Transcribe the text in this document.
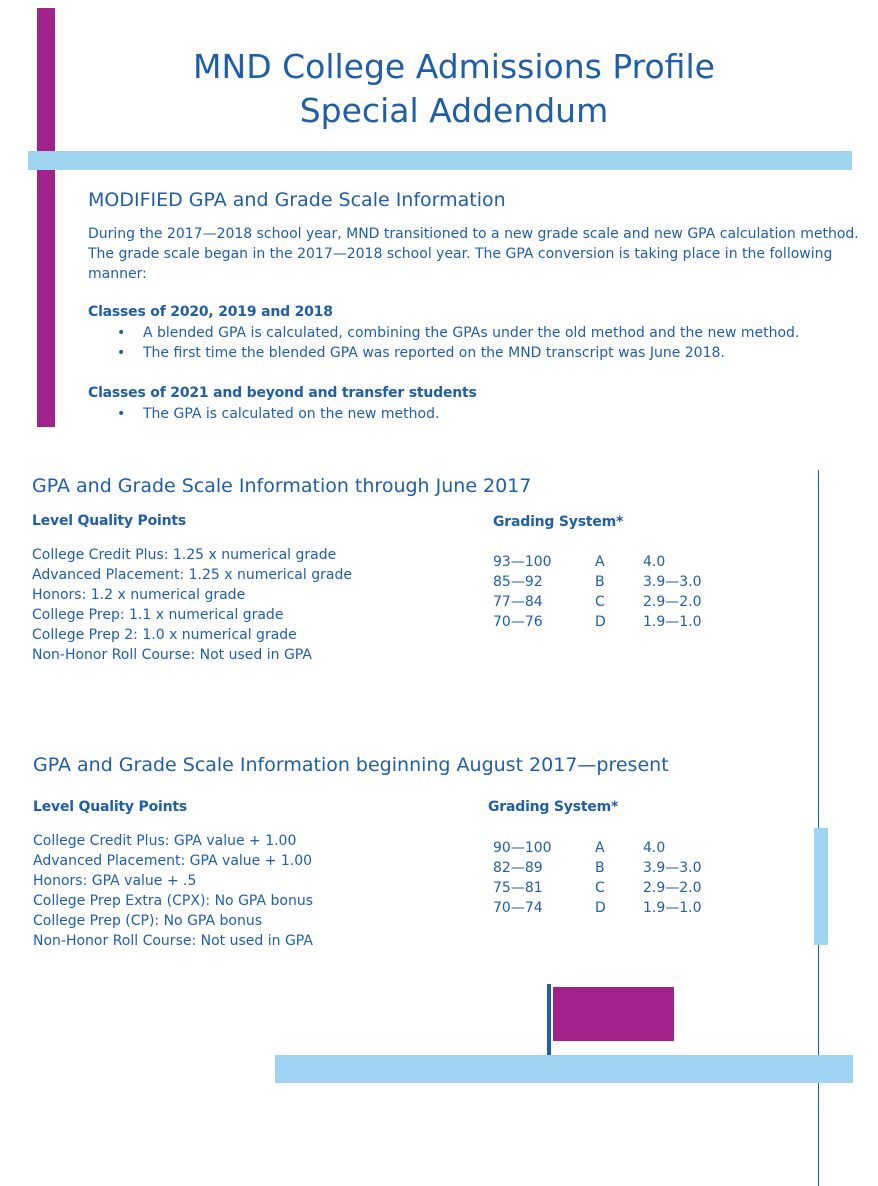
MND College Admissions Profile
Special Addendum
MODIFIED GPA and Grade Scale Information
During the 2017—2018 school year, MND transitioned to a new grade scale and new GPA calculation method.
The grade scale began in the 2017—2018 school year. The GPA conversion is taking place in the following
manner:
Classes of 2020, 2019 and 2018
• A blended GPA is calculated, combining the GPAs under the old method and the new method.
• The first time the blended GPA was reported on the MND transcript was June 2018.
Classes of 2021 and beyond and transfer students
• The GPA is calculated on the new method.
GPA and Grade Scale Information through June 2017
Level Quality Points
College Credit Plus: 1.25 x numerical grade
Advanced Placement: 1.25 x numerical grade
Honors: 1.2 x numerical grade
College Prep: 1.1 x numerical grade
College Prep 2: 1.0 x numerical grade
Non-Honor Roll Course: Not used in GPA
Grading System*
93—100	A	4.0
85—92	B	3.9—3.0
77—84	C	2.9—2.0
70—76	D	1.9—1.0
GPA and Grade Scale Information beginning August 2017—present
Level Quality Points
College Credit Plus: GPA value + 1.00
Advanced Placement: GPA value + 1.00
Honors: GPA value + .5
College Prep Extra (CPX): No GPA bonus
College Prep (CP): No GPA bonus
Non-Honor Roll Course: Not used in GPA
Grading System*
90—100	A	4.0
82—89	B	3.9—3.0
75—81	C	2.9—2.0
70—74	D	1.9—1.0
